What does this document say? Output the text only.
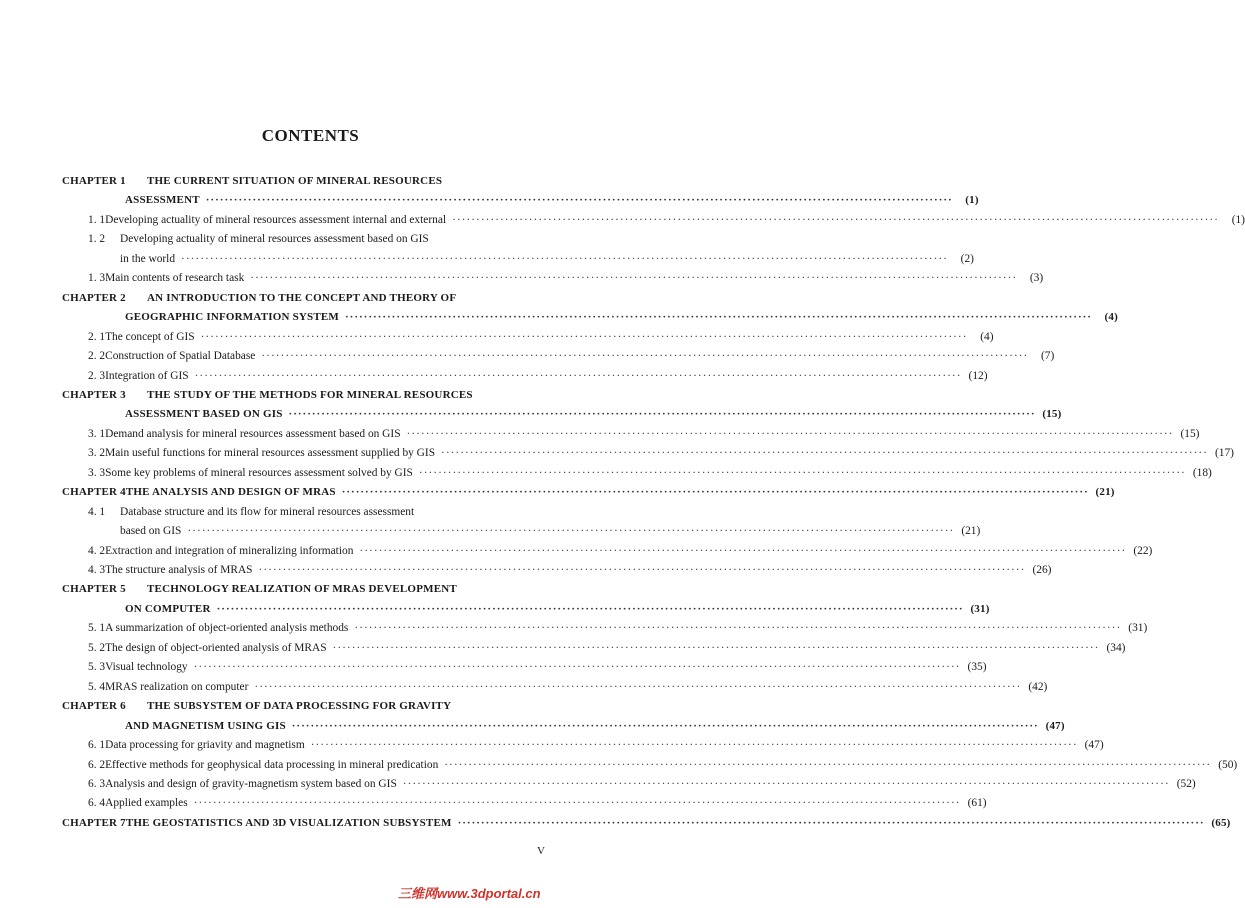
CONTENTS
CHAPTER 1	THE CURRENT SITUATION OF MINERAL RESOURCES
ASSESSMENT ································································································································································	(1)
1. 1 Developing actuality of mineral resources assessment internal and external ································································································································································	(1)
1. 2	Developing actuality of mineral resources assessment based on GIS
in the world ································································································································································	(2)
1. 3 Main contents of research task ································································································································································	(3)
CHAPTER 2	AN INTRODUCTION TO THE CONCEPT AND THEORY OF
GEOGRAPHIC INFORMATION SYSTEM ································································································································································	(4)
2. 1 The concept of GIS ································································································································································	(4)
2. 2 Construction of Spatial Database ································································································································································	(7)
2. 3 Integration of GIS ································································································································································ (12)
CHAPTER 3	THE STUDY OF THE METHODS FOR MINERAL RESOURCES
ASSESSMENT BASED ON GIS ································································································································································ (15)
3. 1 Demand analysis for mineral resources assessment based on GIS ································································································································································ (15)
3. 2 Main useful functions for mineral resources assessment supplied by GIS ································································································································································ (17)
3. 3 Some key problems of mineral resources assessment solved by GIS ································································································································································ (18)
CHAPTER 4 THE ANALYSIS AND DESIGN OF MRAS ································································································································································ (21)
4. 1	Database structure and its flow for mineral resources assessment
based on GIS ································································································································································ (21)
4. 2 Extraction and integration of mineralizing information ································································································································································ (22)
4. 3 The structure analysis of MRAS ································································································································································ (26)
CHAPTER 5	TECHNOLOGY REALIZATION OF MRAS DEVELOPMENT
ON COMPUTER ································································································································································ (31)
5. 1 A summarization of object-oriented analysis methods ································································································································································ (31)
5. 2 The design of object-oriented analysis of MRAS ································································································································································ (34)
5. 3 Visual technology ································································································································································ (35)
5. 4 MRAS realization on computer ································································································································································ (42)
CHAPTER 6	THE SUBSYSTEM OF DATA PROCESSING FOR GRAVITY
AND MAGNETISM USING GIS ································································································································································ (47)
6. 1 Data processing for griavity and magnetism ································································································································································ (47)
6. 2 Effective methods for geophysical data processing in mineral predication ································································································································································ (50)
6. 3 Analysis and design of gravity-magnetism system based on GIS ································································································································································ (52)
6. 4 Applied examples ································································································································································ (61)
CHAPTER 7 THE GEOSTATISTICS AND 3D VISUALIZATION SUBSYSTEM ································································································································································ (65)
V
三维网www.3dportal.cn
